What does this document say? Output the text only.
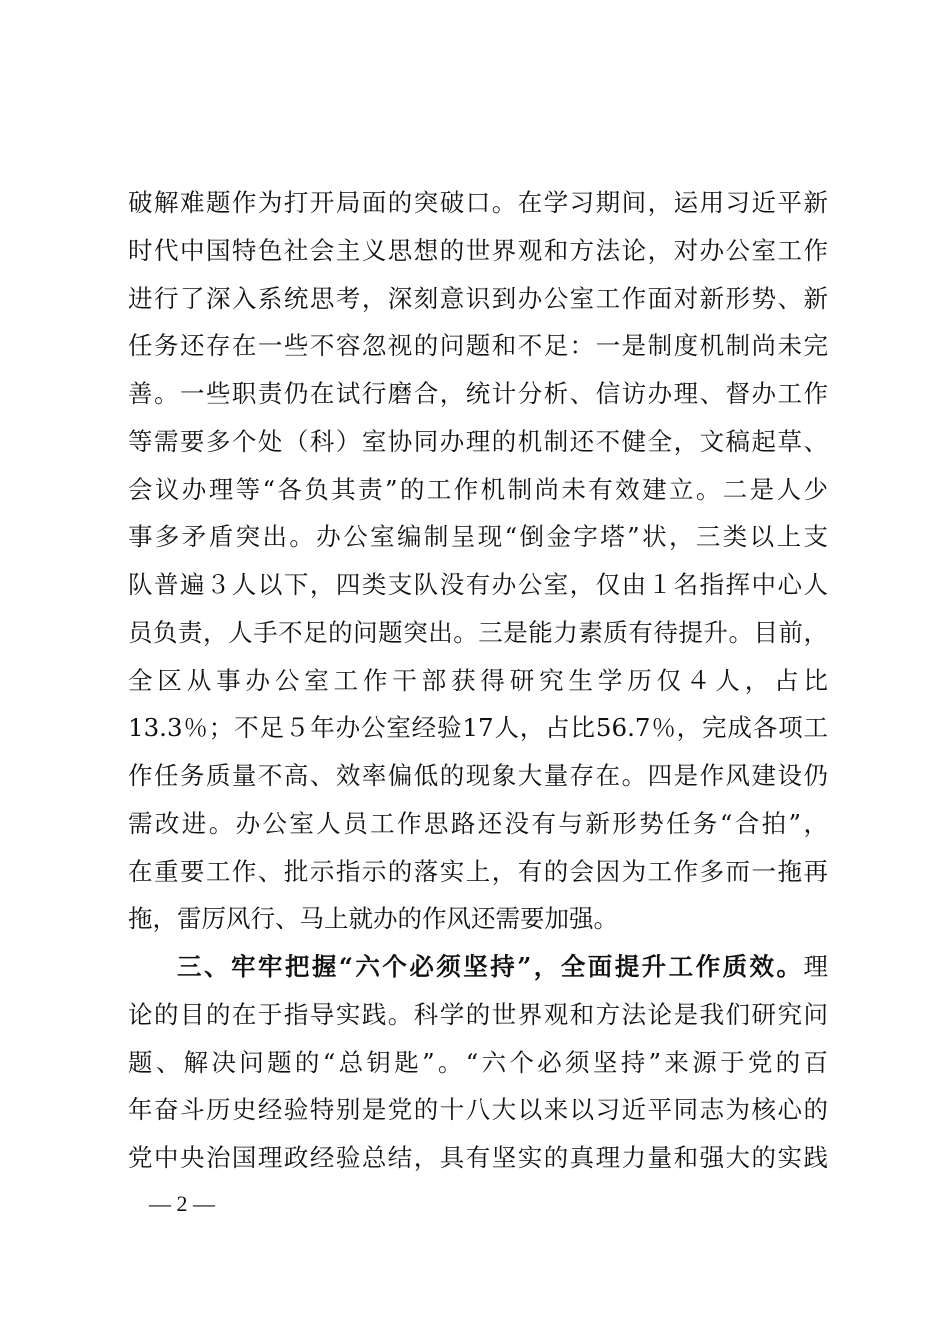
破解难题作为打开局面的突破口。在学习期间，运用习近平新
时代中国特色社会主义思想的世界观和方法论，对办公室工作
进行了深入系统思考，深刻意识到办公室工作面对新形势、新
任务还存在一些不容忽视的问题和不足：一是制度机制尚未完
善。一些职责仍在试行磨合，统计分析、信访办理、督办工作
等需要多个处（科）室协同办理的机制还不健全，文稿起草、
会议办理等“各负其责”的工作机制尚未有效建立。二是人少
事多矛盾突出。办公室编制呈现“倒金字塔”状，三类以上支
队普遍３人以下，四类支队没有办公室，仅由１名指挥中心人
员负责，人手不足的问题突出。三是能力素质有待提升。目前，
全区从事办公室工作干部获得研究生学历仅４人，占比
13.3％；不足５年办公室经验17人，占比56.7％，完成各项工
作任务质量不高、效率偏低的现象大量存在。四是作风建设仍
需改进。办公室人员工作思路还没有与新形势任务“合拍”，
在重要工作、批示指示的落实上，有的会因为工作多而一拖再
拖，雷厉风行、马上就办的作风还需要加强。
三、牢牢把握“六个必须坚持”，全面提升工作质效。理
论的目的在于指导实践。科学的世界观和方法论是我们研究问
题、解决问题的“总钥匙”。“六个必须坚持”来源于党的百
年奋斗历史经验特别是党的十八大以来以习近平同志为核心的
党中央治国理政经验总结，具有坚实的真理力量和强大的实践
— 2 —
